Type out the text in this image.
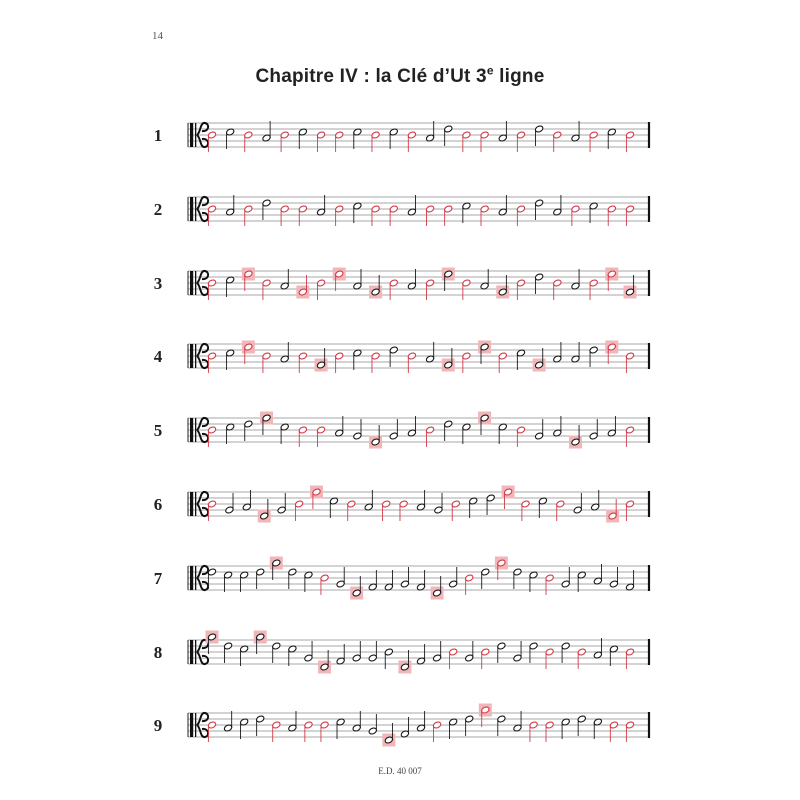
14
Chapitre IV : la Clé d’Ut 3e ligne
1
2
3
4
5
6
7
8
9
E.D. 40 007
